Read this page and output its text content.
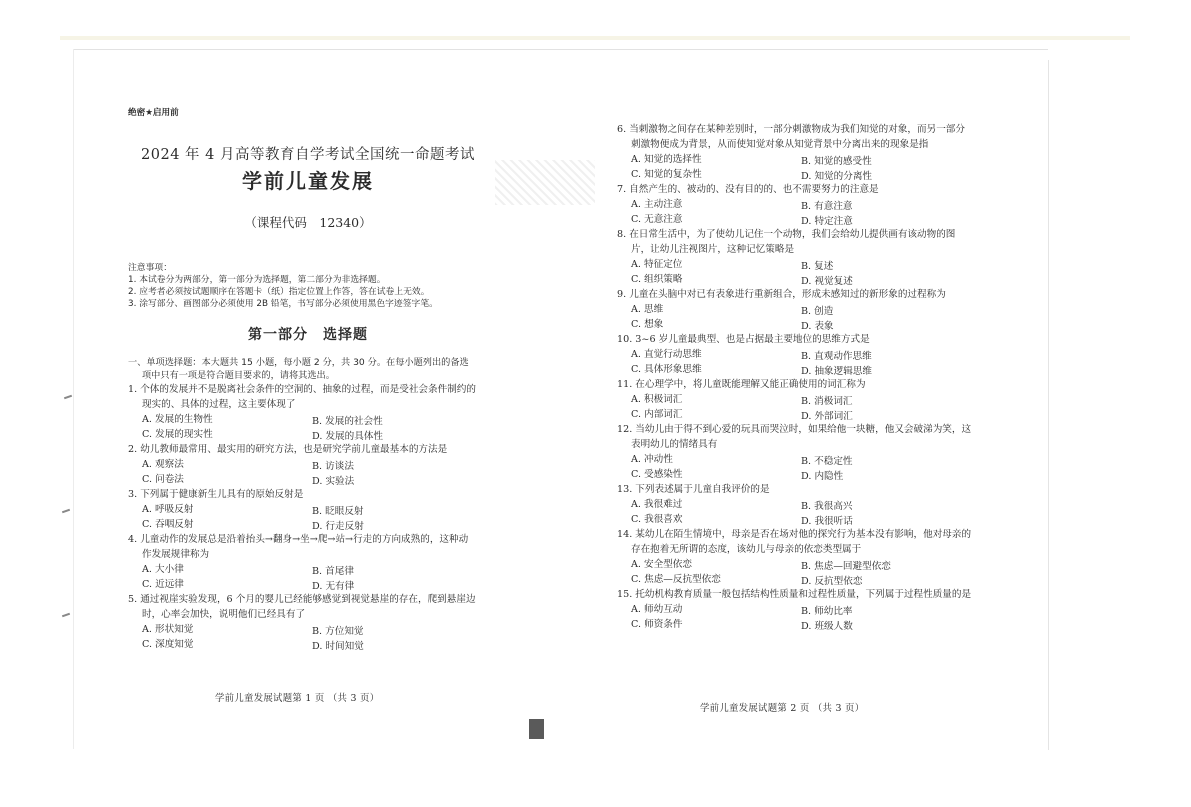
绝密★启用前
2024 年 4 月高等教育自学考试全国统一命题考试
学前儿童发展
（课程代码　12340）
注意事项：
1. 本试卷分为两部分，第一部分为选择题，第二部分为非选择题。
2. 应考者必须按试题顺序在答题卡（纸）指定位置上作答，答在试卷上无效。
3. 涂写部分、画图部分必须使用 2B 铅笔，书写部分必须使用黑色字迹签字笔。
第一部分　选择题
一、单项选择题：本大题共 15 小题，每小题 2 分，共 30 分。在每小题列出的备选
项中只有一项是符合题目要求的，请将其选出。
1. 个体的发展并不是脱离社会条件的空洞的、抽象的过程，而是受社会条件制约的
现实的、具体的过程，这主要体现了
A. 发展的生物性	B. 发展的社会性
C. 发展的现实性	D. 发展的具体性
2. 幼儿教师最常用、最实用的研究方法，也是研究学前儿童最基本的方法是
A. 观察法	B. 访谈法
C. 问卷法	D. 实验法
3. 下列属于健康新生儿具有的原始反射是
A. 呼吸反射	B. 眨眼反射
C. 吞咽反射	D. 行走反射
4. 儿童动作的发展总是沿着抬头→翻身→坐→爬→站→行走的方向成熟的，这种动
作发展规律称为
A. 大小律	B. 首尾律
C. 近远律	D. 无有律
5. 通过视崖实验发现，6 个月的婴儿已经能够感觉到视觉悬崖的存在，爬到悬崖边
时，心率会加快，说明他们已经具有了
A. 形状知觉	B. 方位知觉
C. 深度知觉	D. 时间知觉
6. 当刺激物之间存在某种差别时，一部分刺激物成为我们知觉的对象，而另一部分
刺激物便成为背景，从而使知觉对象从知觉背景中分离出来的现象是指
A. 知觉的选择性	B. 知觉的感受性
C. 知觉的复杂性	D. 知觉的分离性
7. 自然产生的、被动的、没有目的的、也不需要努力的注意是
A. 主动注意	B. 有意注意
C. 无意注意	D. 特定注意
8. 在日常生活中，为了使幼儿记住一个动物，我们会给幼儿提供画有该动物的图
片，让幼儿注视图片，这种记忆策略是
A. 特征定位	B. 复述
C. 组织策略	D. 视觉复述
9. 儿童在头脑中对已有表象进行重新组合，形成未感知过的新形象的过程称为
A. 思维	B. 创造
C. 想象	D. 表象
10. 3~6 岁儿童最典型、也是占据最主要地位的思维方式是
A. 直觉行动思维	B. 直观动作思维
C. 具体形象思维	D. 抽象逻辑思维
11. 在心理学中，将儿童既能理解又能正确使用的词汇称为
A. 积极词汇	B. 消极词汇
C. 内部词汇	D. 外部词汇
12. 当幼儿由于得不到心爱的玩具而哭泣时，如果给他一块糖，他又会破涕为笑，这
表明幼儿的情绪具有
A. 冲动性	B. 不稳定性
C. 受感染性	D. 内隐性
13. 下列表述属于儿童自我评价的是
A. 我很难过	B. 我很高兴
C. 我很喜欢	D. 我很听话
14. 某幼儿在陌生情境中，母亲是否在场对他的探究行为基本没有影响，他对母亲的
存在抱着无所谓的态度，该幼儿与母亲的依恋类型属于
A. 安全型依恋	B. 焦虑—回避型依恋
C. 焦虑—反抗型依恋	D. 反抗型依恋
15. 托幼机构教育质量一般包括结构性质量和过程性质量，下列属于过程性质量的是
A. 师幼互动	B. 师幼比率
C. 师资条件	D. 班级人数
学前儿童发展试题第 1 页 （共 3 页）
学前儿童发展试题第 2 页 （共 3 页）
